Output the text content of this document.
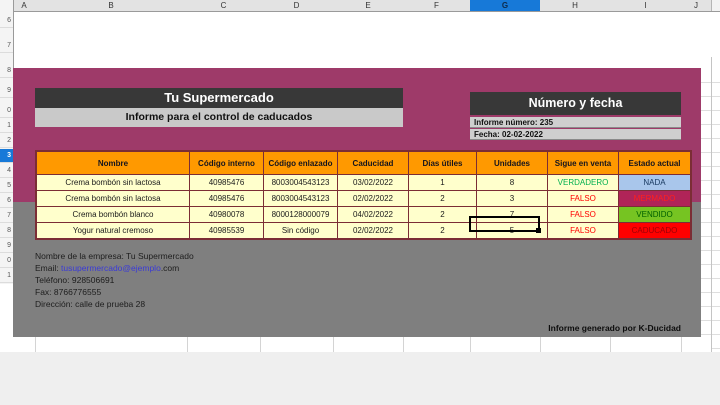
A	B	C	D	E	F	G	H	I	J
6
7
8
9
0
1
2
3
4
5
6
7
8
9
0
1
Tu Supermercado
Informe para el control de caducados
Número y fecha
Informe número: 235
Fecha: 02-02-2022
Nombre	Código interno	Código enlazado	Caducidad	Días útiles	Unidades	Sigue en venta	Estado actual
Crema bombón sin lactosa	40985476	8003004543123	03/02/2022	1	8	VERDADERO	NADA
Crema bombón sin lactosa	40985476	8003004543123	02/02/2022	2	3	FALSO	MERMADO
Crema bombón blanco	40980078	8000128000079	04/02/2022	2	7	FALSO	VENDIDO
Yogur natural cremoso	40985539	Sin código	02/02/2022	2	5	FALSO	CADUCADO
Nombre de la empresa: Tu Supermercado
Email: tusupermercado@ejemplo.com
Teléfono: 928506691
Fax: 8766776555
Dirección: calle de prueba 28
Informe generado por K-Ducidad
